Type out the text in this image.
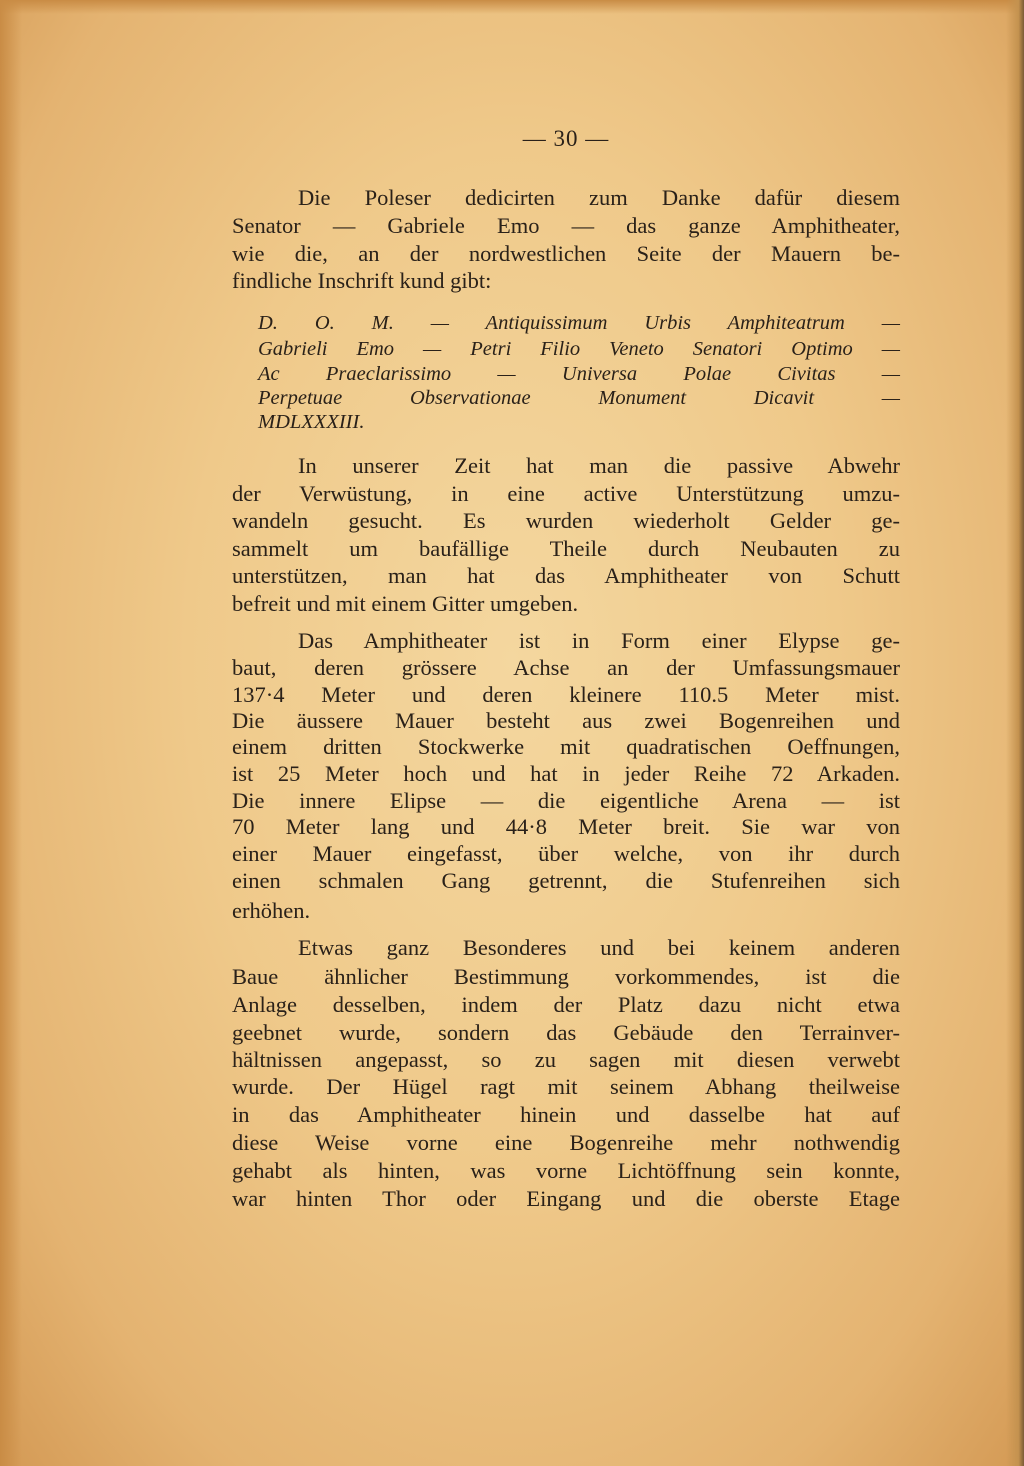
— 30 —
Die Poleser dedicirten zum Danke dafür diesem
Senator — Gabriele Emo — das ganze Amphitheater,
wie die, an der nordwestlichen Seite der Mauern be-
findliche Inschrift kund gibt:
D. O. M. — Antiquissimum Urbis Amphiteatrum —
Gabrieli Emo — Petri Filio Veneto Senatori Optimo —
Ac Praeclarissimo — Universa Polae Civitas —
Perpetuae Observationae Monument Dicavit —
MDLXXXIII.
In unserer Zeit hat man die passive Abwehr
der Verwüstung, in eine active Unterstützung umzu-
wandeln gesucht. Es wurden wiederholt Gelder ge-
sammelt um baufällige Theile durch Neubauten zu
unterstützen, man hat das Amphitheater von Schutt
befreit und mit einem Gitter umgeben.
Das Amphitheater ist in Form einer Elypse ge-
baut, deren grössere Achse an der Umfassungsmauer
137·4 Meter und deren kleinere 110.5 Meter mist.
Die äussere Mauer besteht aus zwei Bogenreihen und
einem dritten Stockwerke mit quadratischen Oeffnungen,
ist 25 Meter hoch und hat in jeder Reihe 72 Arkaden.
Die innere Elipse — die eigentliche Arena — ist
70 Meter lang und 44·8 Meter breit. Sie war von
einer Mauer eingefasst, über welche, von ihr durch
einen schmalen Gang getrennt, die Stufenreihen sich
erhöhen.
Etwas ganz Besonderes und bei keinem anderen
Baue ähnlicher Bestimmung vorkommendes, ist die
Anlage desselben, indem der Platz dazu nicht etwa
geebnet wurde, sondern das Gebäude den Terrainver-
hältnissen angepasst, so zu sagen mit diesen verwebt
wurde. Der Hügel ragt mit seinem Abhang theilweise
in das Amphitheater hinein und dasselbe hat auf
diese Weise vorne eine Bogenreihe mehr nothwendig
gehabt als hinten, was vorne Lichtöffnung sein konnte,
war hinten Thor oder Eingang und die oberste Etage
